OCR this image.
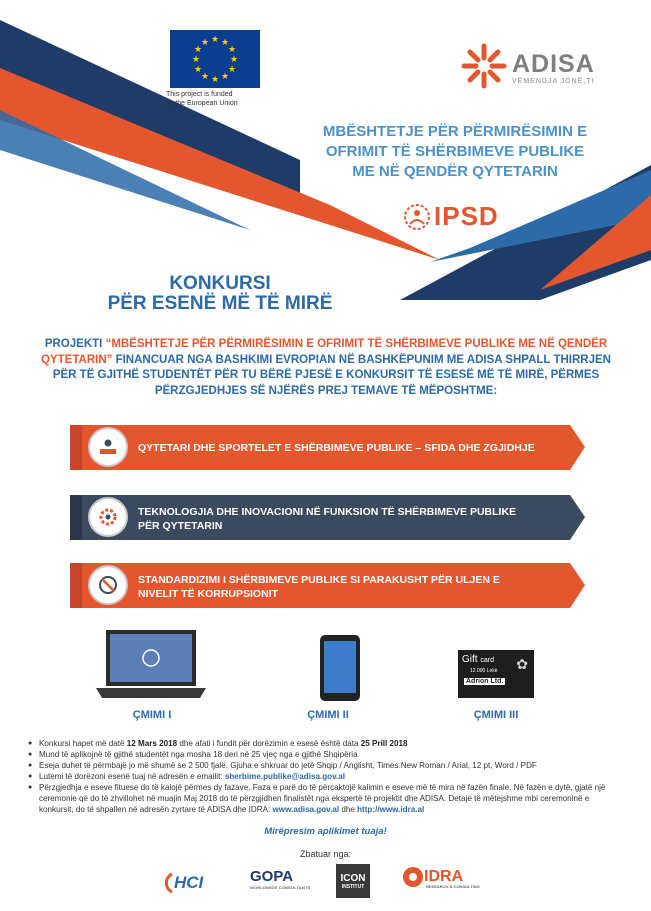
★ ★
★
★
★
★
★
★
★
★
★
★
This project is funded
by the European Union
ADISA
VËMENDJA JONË,TI
MBËSHTETJE PËR PËRMIRËSIMIN E
OFRIMIT TË SHËRBIMEVE PUBLIKE
ME NË QENDËR QYTETARIN
IPSD
KONKURSI
PËR ESENË MË TË MIRË
PROJEKTI “MBËSHTETJE PËR PËRMIRËSIMIN E OFRIMIT TË SHËRBIMEVE PUBLIKE ME NË QENDËR QYTETARIN” FINANCUAR NGA BASHKIMI EVROPIAN NË BASHKËPUNIM ME ADISA SHPALL THIRRJEN PËR TË GJITHË STUDENTËT PËR TU BËRË PJESË E KONKURSIT TË ESESË MË TË MIRË, PËRMES PËRZGJEDHJES SË NJËRËS PREJ TEMAVE TË MËPOSHTME:
QYTETARI DHE SPORTELET E SHËRBIMEVE PUBLIKE – SFIDA DHE ZGJIDHJE
TEKNOLOGJIA DHE INOVACIONI NË FUNKSION TË SHËRBIMEVE PUBLIKE PËR QYTETARIN
STANDARDIZIMI I SHËRBIMEVE PUBLIKE SI PARAKUSHT PËR ULJEN E NIVELIT TË KORRUPSIONIT
ÇMIMI I	ÇMIMI II
Gift card
12.000 Lekë
Adrion Ltd.
✿
ÇMIMI III
● Konkursi hapet më datë 12 Mars 2018 dhe afati i fundit për dorëzimin e esesë është data 25 Prill 2018
● Mund të aplikojnë të gjithë studentët nga mosha 18 deri në 25 vjeç nga e gjithë Shqipëria
● Eseja duhet të përmbajë jo më shumë se 2 500 fjalë. Gjuha e shkruar do jetë Shqip / Anglisht, Times New Roman / Arial, 12 pt, Word / PDF
● Lutemi të dorëzoni esenë tuaj në adresën e emailit: sherbime.publike@adisa.gov.al
● Përzgjedhja e eseve fituese do të kalojë përmes dy fazave. Faza e parë do të përcaktojë kalimin e eseve më të mira në fazën finale. Në fazën e dytë, gjatë një ceremonie që do të zhvillohet në muajin Maj 2018 do të përzgjidhen finalistët nga ekspertë të projektit dhe ADISA. Detaje të mëtejshme mbi ceremoninë e konkursit, do të shpallen në adresën zyrtare të ADISA dhe IDRA: www.adisa.gov.al dhe http://www.idra.al
Mirëpresim aplikimet tuaja!
Zbatuar nga:
HCI	GOPA
WORLDWIDE CONSULTANTS
ICON
INSTITUT
IDRA
RESEARCH & CONSULTING
